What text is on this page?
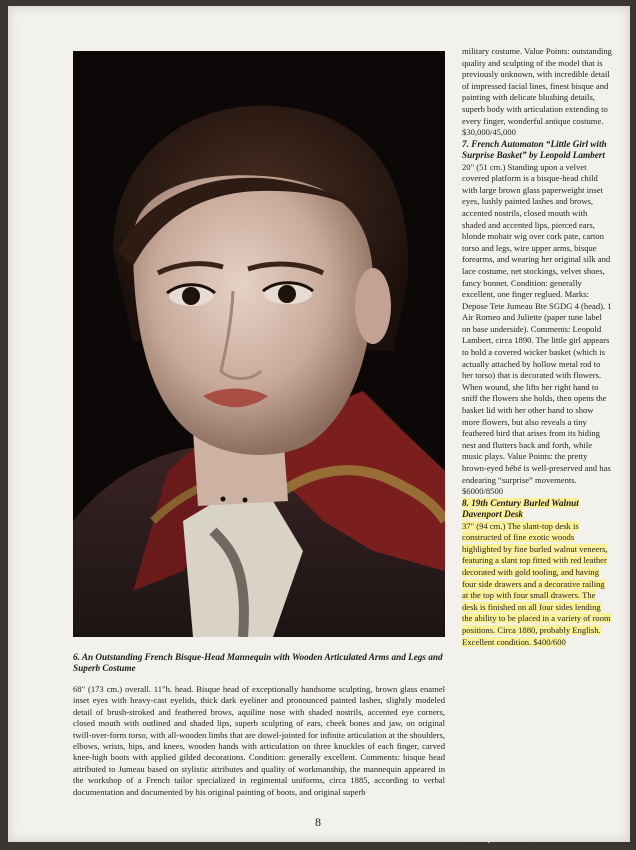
military costume. Value Points: outstanding quality and sculpting of the model that is previously unknown, with incredible detail of impressed facial lines, finest bisque and painting with delicate blushing details, superb body with articulation extending to every finger, wonderful antique costume. $30,000/45,000

7. French Automaton “Little Girl with Surprise Basket” by Leopold Lambert

20" (51 cm.) Standing upon a velvet covered platform is a bisque-head child with large brown glass paperweight inset eyes, lushly painted lashes and brows, accented nostrils, closed mouth with shaded and accented lips, pierced ears, blonde mohair wig over cork pate, carton torso and legs, wire upper arms, bisque forearms, and wearing her original silk and lace costume, net stockings, velvet shoes, fancy bonnet. Condition: generally excellent, one finger reglued. Marks: Depose Tete Jumeau Bte SGDG 4 (head). 1 Air Romeo and Juliette (paper tune label on base underside). Comments: Leopold Lambert, circa 1890. The little girl appears to hold a covered wicker basket (which is actually attached by hollow metal rod to her torso) that is decorated with flowers. When wound, she lifts her right hand to sniff the flowers she holds, then opens the basket lid with her other hand to show more flowers, but also reveals a tiny feathered bird that arises from its hiding nest and flutters back and forth, while music plays. Value Points: the pretty brown-eyed bébé is well-preserved and has endearing “surprise” movements. $6000/8500

8. 19th Century Burled Walnut Davenport Desk

37" (94 cm.) The slant-top desk is constructed of fine exotic woods highlighted by fine burled walnut veneers, featuring a slant top fitted with red leather decorated with gold tooling, and having four side drawers and a decorative railing at the top with four small drawers. The desk is finished on all four sides lending the ability to be placed in a variety of room positions. Circa 1880, probably English. Excellent condition. $400/600

6. An Outstanding French Bisque-Head Mannequin with Wooden Articulated Arms and Legs and Superb Costume

68" (173 cm.) overall. 11"h. head. Bisque head of exceptionally handsome sculpting, brown glass enamel inset eyes with heavy-cast eyelids, thick dark eyeliner and pronounced painted lashes, slightly modeled detail of brush-stroked and feathered brows, aquiline nose with shaded nostrils, accented eye corners, closed mouth with outlined and shaded lips, superb sculpting of ears, cheek bones and jaw, on original twill-over-form torso, with all-wooden limbs that are dowel-jointed for infinite articulation at the shoulders, elbows, wrists, hips, and knees, wooden hands with articulation on three knuckles of each finger, carved knee-high boots with applied gilded decorations. Condition: generally excellent. Comments: bisque head attributed to Jumeau based on stylistic attributes and quality of workmanship, the mannequin appeared in the workshop of a French tailor specialized in regimental uniforms, circa 1885, according to verbal documentation and documented by his original painting of boots, and original superb

8
Antique-Dolls • Байбики • babiki.ru
